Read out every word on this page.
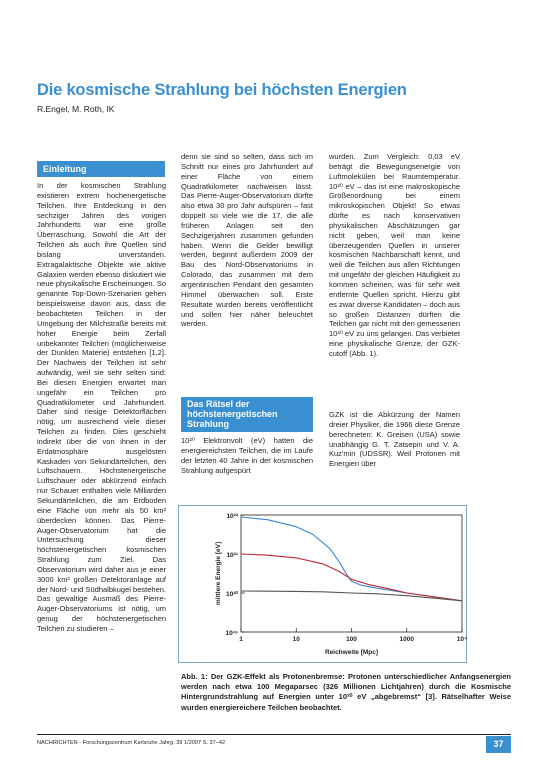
Die kosmische Strahlung bei höchsten Energien
R.Engel, M. Roth, IK
Einleitung

In der kosmischen Strahlung existieren extrem hochenergetische Teilchen. Ihre Entdeckung in den sechziger Jahren des vorigen Jahrhunderts war eine große Überraschung. Sowohl die Art der Teilchen als auch ihre Quellen sind bislang unverstanden. Extragalaktische Objekte wie aktive Galaxien werden ebenso diskutiert wie neue physikalische Erscheinungen. So genannte Top-Down-Szenarien gehen beispielsweise davon aus, dass die beobachteten Teilchen in der Umgebung der Milchstraße bereits mit hoher Energie beim Zerfall unbekannter Teilchen (möglicherweise der Dunklen Materie) entstehen [1,2]. Der Nachweis der Teilchen ist sehr aufwändig, weil sie sehr selten sind: Bei diesen Energien erwartet man ungefähr ein Teilchen pro Quadratkilometer und Jahrhundert. Daher sind riesige Detektorflächen nötig, um ausreichend viele dieser Teilchen zu finden. Dies geschieht indirekt über die von ihnen in der Erdatmosphäre ausgelösten Kaskaden von Sekundärteilchen, den Luftschauern. Höchstenergetische Luftschauer oder abkürzend einfach nur Schauer enthalten viele Milliarden Sekundärteilchen, die am Erdboden eine Fläche von mehr als 50 km² überdecken können. Das Pierre-Auger-Observatorium hat die Untersuchung dieser höchstenergetischen kosmischen Strahlung zum Ziel. Das Observatorium wird daher aus je einer 3000 km² großen Detektoranlage auf der Nord- und Südhalbkugel bestehen. Das gewaltige Ausmaß des Pierre-Auger-Observatoriums ist nötig, um genug der höchstenergetischen Teilchen zu studieren –

denn sie sind so selten, dass sich im Schnitt nur eines pro Jahrhundert auf einer Fläche von einem Quadratkilometer nachweisen lässt. Das Pierre-Auger-Observatorium dürfte also etwa 30 pro Jahr aufspüren – fast doppelt so viele wie die 17, die alle früheren Anlagen seit den Sechzigerjahren zusammen gefunden haben. Wenn die Gelder bewilligt werden, beginnt außerdem 2009 der Bau des Nord-Observatoriums in Colorado, das zusammen mit dem argentinischen Pendant den gesamten Himmel überwachen soll. Erste Resultate wurden bereits veröffentlicht und sollen hier näher beleuchtet werden.

Das Rätsel der höchstenergetischen Strahlung

10²⁰ Elektronvolt (eV) hatten die energiereichsten Teilchen, die im Laufe der letzten 40 Jahre in der kosmischen Strahlung aufgespürt

wurden. Zum Vergleich: 0,03 eV beträgt die Bewegungsenergie von Luftmolekülen bei Raumtemperatur. 10²⁰ eV – das ist eine makroskopische Größenordnung bei einem mikroskopischen Objekt! So etwas dürfte es nach konservativen physikalischen Abschätzungen gar nicht geben, weil man keine überzeugenden Quellen in unserer kosmischen Nachbarschaft kennt, und weil die Teilchen aus allen Richtungen mit ungefähr der gleichen Häufigkeit zu kommen scheinen, was für sehr weit entfernte Quellen spricht. Hierzu gibt es zwar diverse Kandidaten – doch aus so großen Distanzen dürften die Teilchen gar nicht mit den gemessenen 10²⁰ eV zu uns gelangen. Das verbietet eine physikalische Grenze, der GZK-cutoff (Abb. 1).

GZK ist die Abkürzung der Namen dreier Physiker, die 1966 diese Grenze berechneten: K. Greisen (USA) sowie unabhängig G. T. Zatsepin und V. A. Kuz'min (UDSSR). Weil Protonen mit Energien über

10¹⁹
10²⁰
10²¹
10²²
1	10	100	1000	10⁴
Reichweite [Mpc]
mittlere Energie [eV]
Abb. 1: Der GZK-Effekt als Protonenbremse: Protonen unterschiedlicher Anfangsenergien werden nach etwa 100 Megaparsec (326 Millionen Lichtjahren) durch die Kosmische Hintergrundstrahlung auf Energien unter 10²⁰ eV „abgebremst“ [3]. Rätselhafter Weise wurden energiereichere Teilchen beobachtet.
NACHRICHTEN - Forschungszentrum Karlsruhe Jahrg. 39 1/2007 S. 37–42	37
